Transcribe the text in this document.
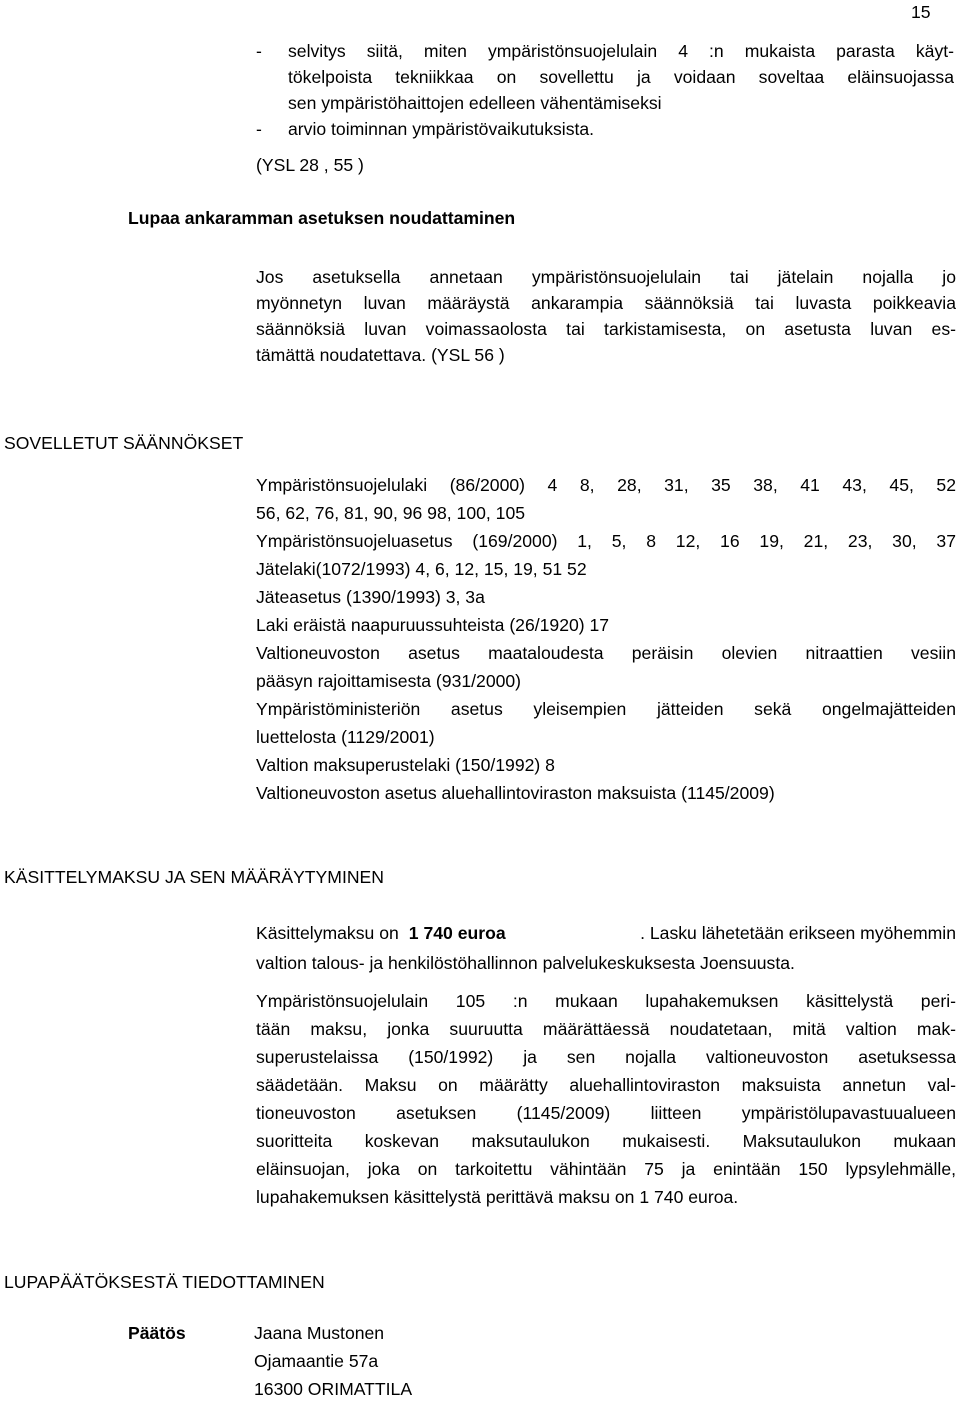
15
- selvitys siitä, miten ympäristönsuojelulain 4 :n mukaista parasta käyt-
tökelpoista tekniikkaa on sovellettu ja voidaan soveltaa eläinsuojassa
sen ympäristöhaittojen edelleen vähentämiseksi
- arvio toiminnan ympäristövaikutuksista.
(YSL 28 , 55 )
Lupaa ankaramman asetuksen noudattaminen
Jos asetuksella annetaan ympäristönsuojelulain tai jätelain nojalla jo
myönnetyn luvan määräystä ankarampia säännöksiä tai luvasta poikkeavia
säännöksiä luvan voimassaolosta tai tarkistamisesta, on asetusta luvan es-
tämättä noudatettava. (YSL 56 )
SOVELLETUT SÄÄNNÖKSET
Ympäristönsuojelulaki (86/2000) 4 8, 28, 31, 35 38, 41 43, 45, 52
56, 62, 76, 81, 90, 96 98, 100, 105
Ympäristönsuojeluasetus (169/2000) 1, 5, 8 12, 16 19, 21, 23, 30, 37
Jätelaki(1072/1993) 4, 6, 12, 15, 19, 51 52
Jäteasetus (1390/1993) 3, 3a
Laki eräistä naapuruussuhteista (26/1920) 17
Valtioneuvoston asetus maataloudesta peräisin olevien nitraattien vesiin
pääsyn rajoittamisesta (931/2000)
Ympäristöministeriön asetus yleisempien jätteiden sekä ongelmajätteiden
luettelosta (1129/2001)
Valtion maksuperustelaki (150/1992) 8
Valtioneuvoston asetus aluehallintoviraston maksuista (1145/2009)
KÄSITTELYMAKSU JA SEN MÄÄRÄYTYMINEN
Käsittelymaksu on 1 740 euroa	. Lasku lähetetään erikseen myöhemmin
valtion talous- ja henkilöstöhallinnon palvelukeskuksesta Joensuusta.
Ympäristönsuojelulain 105 :n mukaan lupahakemuksen käsittelystä peri-
tään maksu, jonka suuruutta määrättäessä noudatetaan, mitä valtion mak-
superustelaissa (150/1992) ja sen nojalla valtioneuvoston asetuksessa
säädetään. Maksu on määrätty aluehallintoviraston maksuista annetun val-
tioneuvoston asetuksen (1145/2009) liitteen ympäristölupavastuualueen
suoritteita koskevan maksutaulukon mukaisesti. Maksutaulukon mukaan
eläinsuojan, joka on tarkoitettu vähintään 75 ja enintään 150 lypsylehmälle,
lupahakemuksen käsittelystä perittävä maksu on 1 740 euroa.
LUPAPÄÄTÖKSESTÄ TIEDOTTAMINEN
Päätös	Jaana Mustonen
Ojamaantie 57a
16300 ORIMATTILA
